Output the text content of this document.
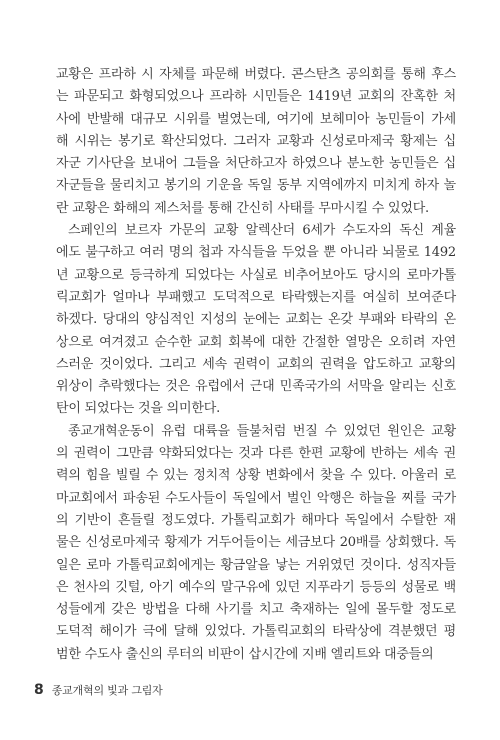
교황은 프라하 시 자체를 파문해 버렸다. 콘스탄츠 공의회를 통해 후스
는 파문되고 화형되었으나 프라하 시민들은 1419년 교회의 잔혹한 처
사에 반발해 대규모 시위를 벌였는데, 여기에 보헤미아 농민들이 가세
해 시위는 봉기로 확산되었다. 그러자 교황과 신성로마제국 황제는 십
자군 기사단을 보내어 그들을 처단하고자 하였으나 분노한 농민들은 십
자군들을 물리치고 봉기의 기운을 독일 동부 지역에까지 미치게 하자 놀
란 교황은 화해의 제스처를 통해 간신히 사태를 무마시킬 수 있었다.
스페인의 보르자 가문의 교황 알렉산더 6세가 수도자의 독신 계율
에도 불구하고 여러 명의 첩과 자식들을 두었을 뿐 아니라 뇌물로 1492
년 교황으로 등극하게 되었다는 사실로 비추어보아도 당시의 로마가톨
릭교회가 얼마나 부패했고 도덕적으로 타락했는지를 여실히 보여준다
하겠다. 당대의 양심적인 지성의 눈에는 교회는 온갖 부패와 타락의 온
상으로 여겨졌고 순수한 교회 회복에 대한 간절한 열망은 오히려 자연
스러운 것이었다. 그리고 세속 권력이 교회의 권력을 압도하고 교황의
위상이 추락했다는 것은 유럽에서 근대 민족국가의 서막을 알리는 신호
탄이 되었다는 것을 의미한다.
종교개혁운동이 유럽 대륙을 들불처럼 번질 수 있었던 원인은 교황
의 권력이 그만큼 약화되었다는 것과 다른 한편 교황에 반하는 세속 권
력의 힘을 빌릴 수 있는 정치적 상황 변화에서 찾을 수 있다. 아울러 로
마교회에서 파송된 수도사들이 독일에서 벌인 악행은 하늘을 찌를 국가
의 기반이 흔들릴 정도였다. 가톨릭교회가 해마다 독일에서 수탈한 재
물은 신성로마제국 황제가 거두어들이는 세금보다 20배를 상회했다. 독
일은 로마 가톨릭교회에게는 황금알을 낳는 거위였던 것이다. 성직자들
은 천사의 깃털, 아기 예수의 말구유에 있던 지푸라기 등등의 성물로 백
성들에게 갖은 방법을 다해 사기를 치고 축재하는 일에 몰두할 정도로
도덕적 해이가 극에 달해 있었다. 가톨릭교회의 타락상에 격분했던 평
범한 수도사 출신의 루터의 비판이 삽시간에 지배 엘리트와 대중들의
8 종교개혁의 빛과 그림자
